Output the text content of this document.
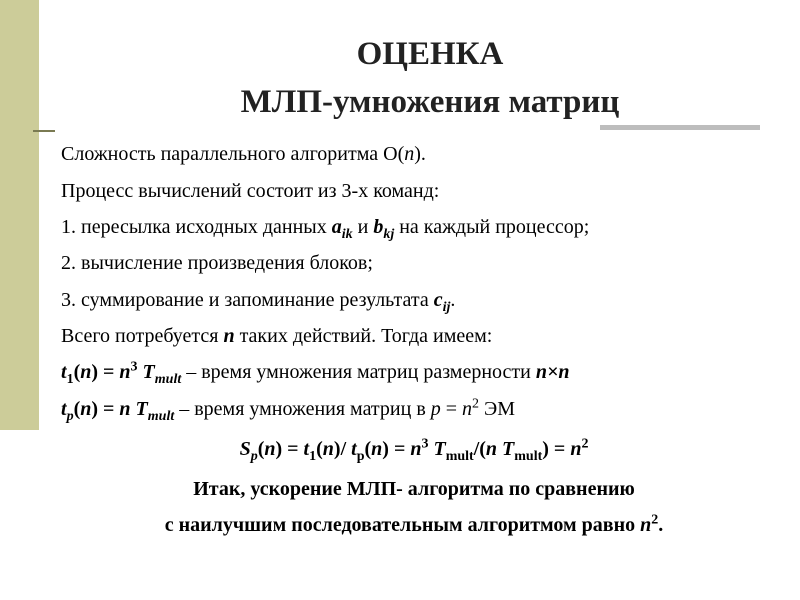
ОЦЕНКА
МЛП-умножения матриц
Сложность параллельного алгоритма О(n).
Процесс вычислений состоит из 3-х команд:
1. пересылка исходных данных $a_{ik}$ и $b_{kj}$ на каждый процессор;
2. вычисление произведения блоков;
3. суммирование и запоминание результата $c_{ij}$.
Всего потребуется n таких действий. Тогда имеем:
$t_1(n) = n^3$ $T_{mult}$ – время умножения матриц размерности n×n
$t_p(n) = n$ $T_{mult}$ – время умножения матриц в $p = n^2$ ЭМ
$S_p(n) = t_1(n)/$ $t_p(n) = n^3$ $T_{mult}/(n$ $T_{mult}) = n^2$
Итак, ускорение МЛП- алгоритма по сравнению
с наилучшим последовательным алгоритмом равно $n^2$.
